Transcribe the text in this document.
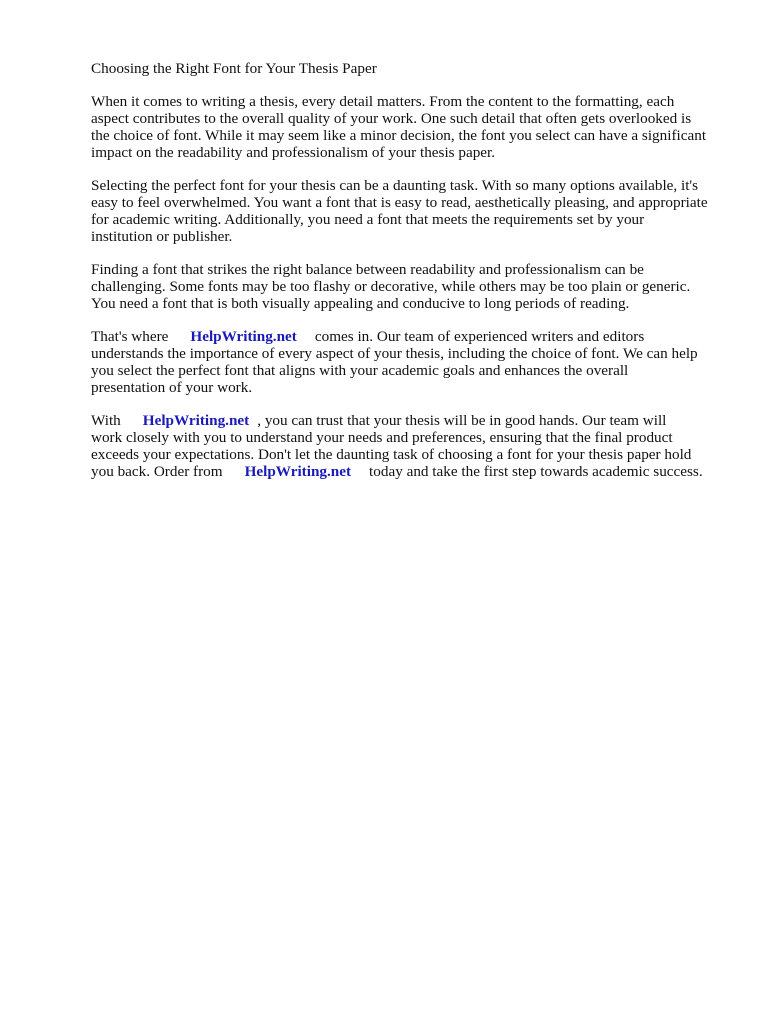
Choosing the Right Font for Your Thesis Paper
When it comes to writing a thesis, every detail matters. From the content to the formatting, each
aspect contributes to the overall quality of your work. One such detail that often gets overlooked is
the choice of font. While it may seem like a minor decision, the font you select can have a significant
impact on the readability and professionalism of your thesis paper.
Selecting the perfect font for your thesis can be a daunting task. With so many options available, it's
easy to feel overwhelmed. You want a font that is easy to read, aesthetically pleasing, and appropriate
for academic writing. Additionally, you need a font that meets the requirements set by your
institution or publisher.
Finding a font that strikes the right balance between readability and professionalism can be
challenging. Some fonts may be too flashy or decorative, while others may be too plain or generic.
You need a font that is both visually appealing and conducive to long periods of reading.
That's where HelpWriting.net comes in. Our team of experienced writers and editors
understands the importance of every aspect of your thesis, including the choice of font. We can help
you select the perfect font that aligns with your academic goals and enhances the overall
presentation of your work.
With HelpWriting.net , you can trust that your thesis will be in good hands. Our team will
work closely with you to understand your needs and preferences, ensuring that the final product
exceeds your expectations. Don't let the daunting task of choosing a font for your thesis paper hold
you back. Order from HelpWriting.net today and take the first step towards academic success.
